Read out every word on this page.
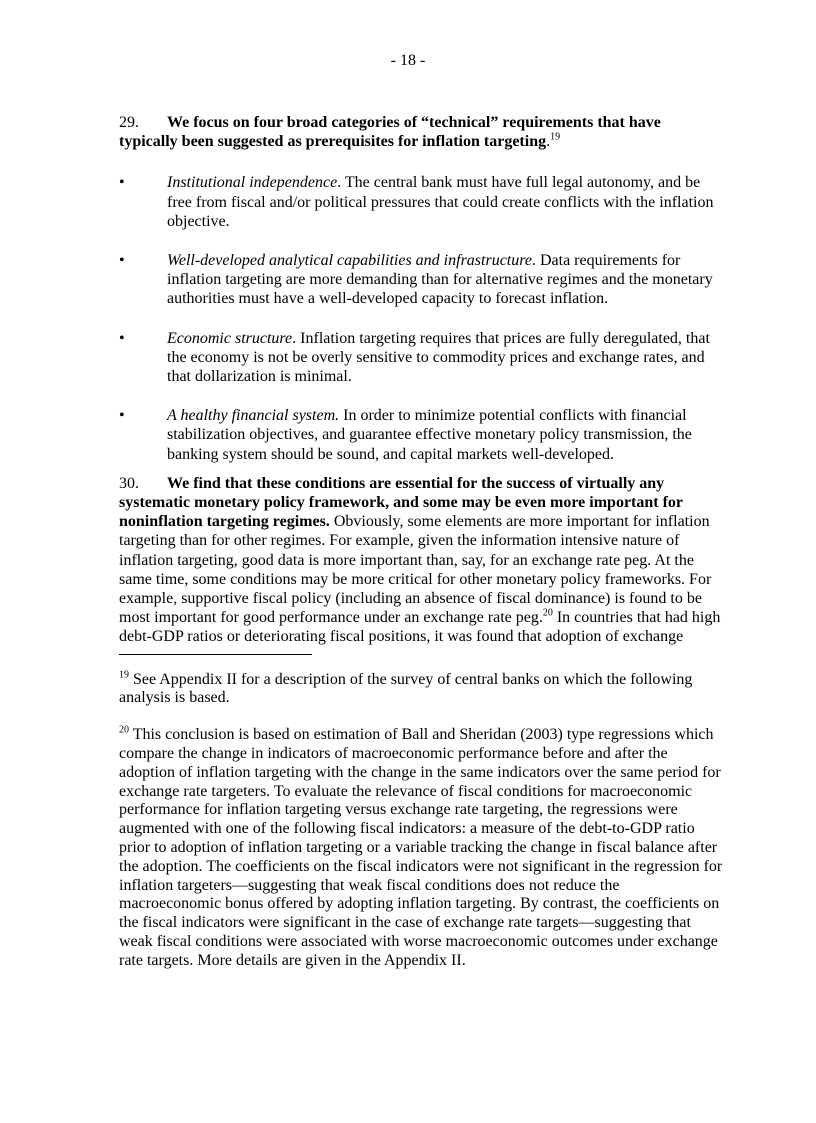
- 18 -

29. We focus on four broad categories of “technical” requirements that have typically been suggested as prerequisites for inflation targeting.$^{19}$

•	Institutional independence. The central bank must have full legal autonomy, and be free from fiscal and/or political pressures that could create conflicts with the inflation objective.
•	Well-developed analytical capabilities and infrastructure. Data requirements for inflation targeting are more demanding than for alternative regimes and the monetary authorities must have a well-developed capacity to forecast inflation.
•	Economic structure. Inflation targeting requires that prices are fully deregulated, that the economy is not be overly sensitive to commodity prices and exchange rates, and that dollarization is minimal.
•	A healthy financial system. In order to minimize potential conflicts with financial stabilization objectives, and guarantee effective monetary policy transmission, the banking system should be sound, and capital markets well-developed.

30. We find that these conditions are essential for the success of virtually any systematic monetary policy framework, and some may be even more important for noninflation targeting regimes. Obviously, some elements are more important for inflation targeting than for other regimes. For example, given the information intensive nature of inflation targeting, good data is more important than, say, for an exchange rate peg. At the same time, some conditions may be more critical for other monetary policy frameworks. For example, supportive fiscal policy (including an absence of fiscal dominance) is found to be most important for good performance under an exchange rate peg.$^{20}$ In countries that had high debt-GDP ratios or deteriorating fiscal positions, it was found that adoption of exchange

$^{19}$ See Appendix II for a description of the survey of central banks on which the following analysis is based.

$^{20}$ This conclusion is based on estimation of Ball and Sheridan (2003) type regressions which compare the change in indicators of macroeconomic performance before and after the adoption of inflation targeting with the change in the same indicators over the same period for exchange rate targeters. To evaluate the relevance of fiscal conditions for macroeconomic performance for inflation targeting versus exchange rate targeting, the regressions were augmented with one of the following fiscal indicators: a measure of the debt-to-GDP ratio prior to adoption of inflation targeting or a variable tracking the change in fiscal balance after the adoption. The coefficients on the fiscal indicators were not significant in the regression for inflation targeters—suggesting that weak fiscal conditions does not reduce the macroeconomic bonus offered by adopting inflation targeting. By contrast, the coefficients on the fiscal indicators were significant in the case of exchange rate targets—suggesting that weak fiscal conditions were associated with worse macroeconomic outcomes under exchange rate targets. More details are given in the Appendix II.
